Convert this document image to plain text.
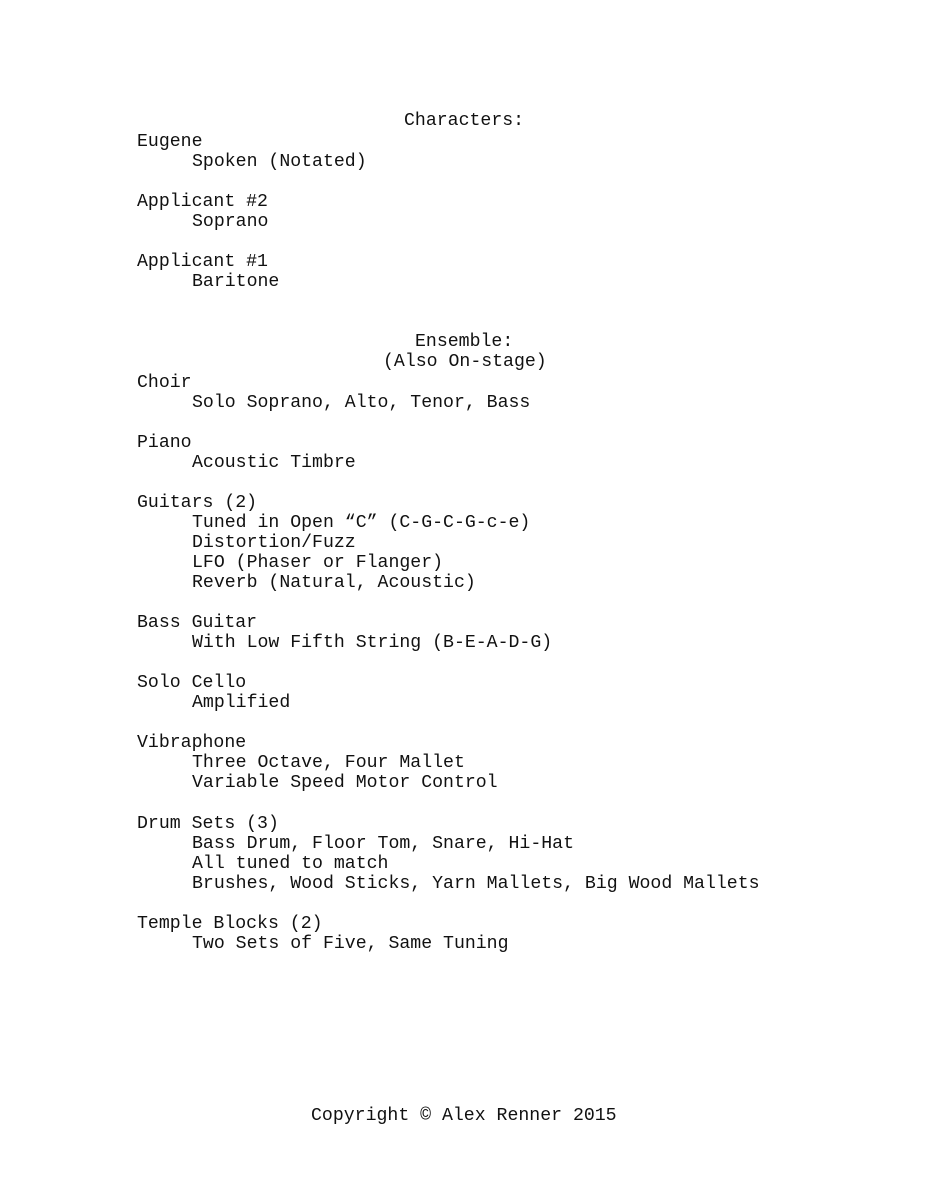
Characters:
Eugene
Spoken (Notated)
Applicant #2
Soprano
Applicant #1
Baritone
Ensemble:
(Also On-stage)
Choir
Solo Soprano, Alto, Tenor, Bass
Piano
Acoustic Timbre
Guitars (2)
Tuned in Open “C” (C-G-C-G-c-e)
Distortion/Fuzz
LFO (Phaser or Flanger)
Reverb (Natural, Acoustic)
Bass Guitar
With Low Fifth String (B-E-A-D-G)
Solo Cello
Amplified
Vibraphone
Three Octave, Four Mallet
Variable Speed Motor Control
Drum Sets (3)
Bass Drum, Floor Tom, Snare, Hi-Hat
All tuned to match
Brushes, Wood Sticks, Yarn Mallets, Big Wood Mallets
Temple Blocks (2)
Two Sets of Five, Same Tuning
Copyright © Alex Renner 2015
